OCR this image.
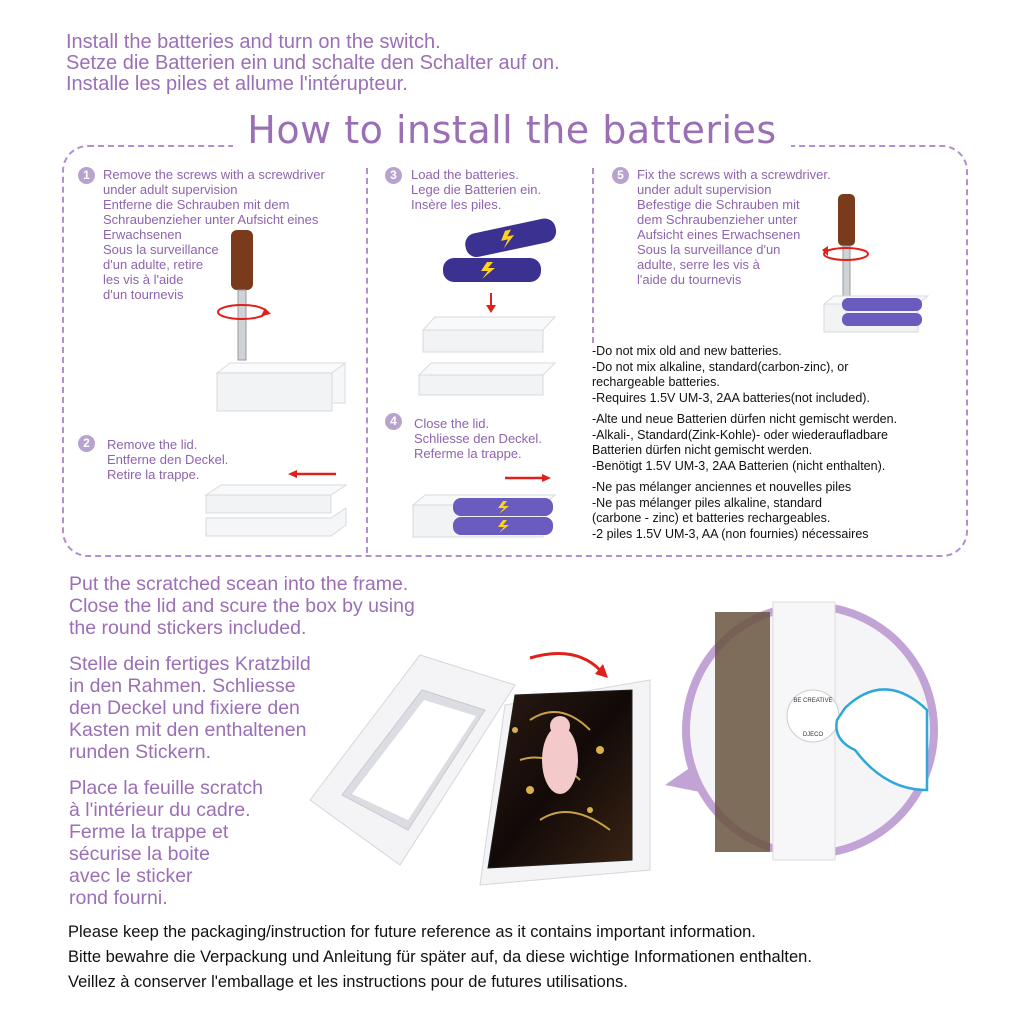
Install the batteries and turn on the switch.
Setze die Batterien ein und schalte den Schalter auf on.
Installe les piles et allume l'intérupteur.
How to install the batteries
1	Remove the screws with a screwdriver
under adult supervision
Entferne die Schrauben mit dem
Schraubenzieher unter Aufsicht eines
Erwachsenen
Sous la surveillance
d'un adulte, retire
les vis à l'aide
d'un tournevis
2	Remove the lid.
Entferne den Deckel.
Retire la trappe.
3	Load the batteries.
Lege die Batterien ein.
Insère les piles.
4	Close the lid.
Schliesse den Deckel.
Referme la trappe.
5	Fix the screws with a screwdriver.
under adult supervision
Befestige die Schrauben mit
dem Schraubenzieher unter
Aufsicht eines Erwachsenen
Sous la surveillance d'un
adulte, serre les vis à
l'aide du tournevis
-Do not mix old and new batteries.
-Do not mix alkaline, standard(carbon-zinc), or
rechargeable batteries.
-Requires 1.5V UM-3, 2AA batteries(not included).
-Alte und neue Batterien dürfen nicht gemischt werden.
-Alkali-, Standard(Zink-Kohle)- oder wiederaufladbare
Batterien dürfen nicht gemischt werden.
-Benötigt 1.5V UM-3, 2AA Batterien (nicht enthalten).
-Ne pas mélanger anciennes et nouvelles piles
-Ne pas mélanger piles alkaline, standard
(carbone - zinc) et batteries rechargeables.
-2 piles 1.5V UM-3, AA (non fournies) nécessaires
Put the scratched scean into the frame.
Close the lid and scure the box by using
the round stickers included.
Stelle dein fertiges Kratzbild
in den Rahmen. Schliesse
den Deckel und fixiere den
Kasten mit den enthaltenen
runden Stickern.
Place la feuille scratch
à l'intérieur du cadre.
Ferme la trappe et
sécurise la boite
avec le sticker
rond fourni.
BE CREATIVE
DJECO
Please keep the packaging/instruction for future reference as it contains important information.
Bitte bewahre die Verpackung und Anleitung für später auf, da diese wichtige Informationen enthalten.
Veillez à conserver l'emballage et les instructions pour de futures utilisations.
